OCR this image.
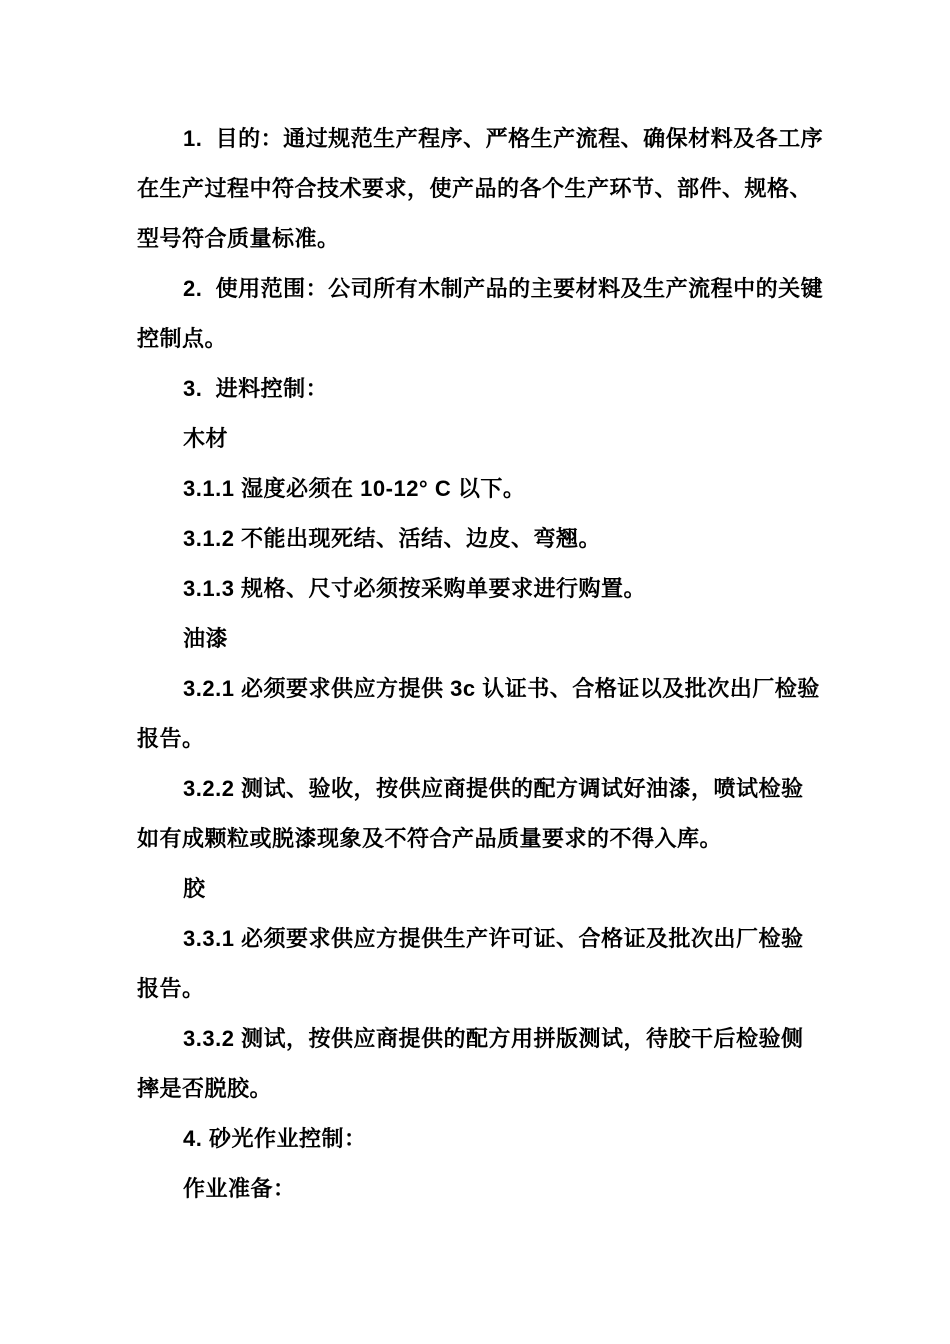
1.  目的：通过规范生产程序、严格生产流程、确保材料及各工序
在生产过程中符合技术要求，使产品的各个生产环节、部件、规格、
型号符合质量标准。
2.  使用范围：公司所有木制产品的主要材料及生产流程中的关键
控制点。
3.  进料控制：
木材
3.1.1 湿度必须在 10-12° C 以下。
3.1.2 不能出现死结、活结、边皮、弯翘。
3.1.3 规格、尺寸必须按采购单要求进行购置。
油漆
3.2.1 必须要求供应方提供 3c 认证书、合格证以及批次出厂检验
报告。
3.2.2 测试、验收，按供应商提供的配方调试好油漆，喷试检验
如有成颗粒或脱漆现象及不符合产品质量要求的不得入库。
胶
3.3.1 必须要求供应方提供生产许可证、合格证及批次出厂检验
报告。
3.3.2 测试，按供应商提供的配方用拼版测试，待胶干后检验侧
摔是否脱胶。
4. 砂光作业控制：
作业准备：
